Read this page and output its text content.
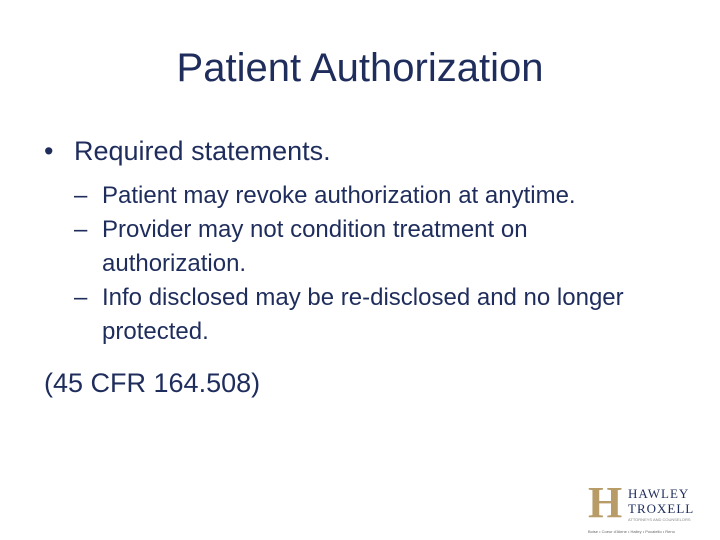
Patient Authorization
• Required statements.
– Patient may revoke authorization at anytime.
– Provider may not condition treatment on authorization.
– Info disclosed may be re-disclosed and no longer protected.
(45 CFR 164.508)
H HAWLEY
TROXELL
ATTORNEYS AND COUNSELORS
Boise • Coeur d'Alene • Hailey • Pocatello • Reno
